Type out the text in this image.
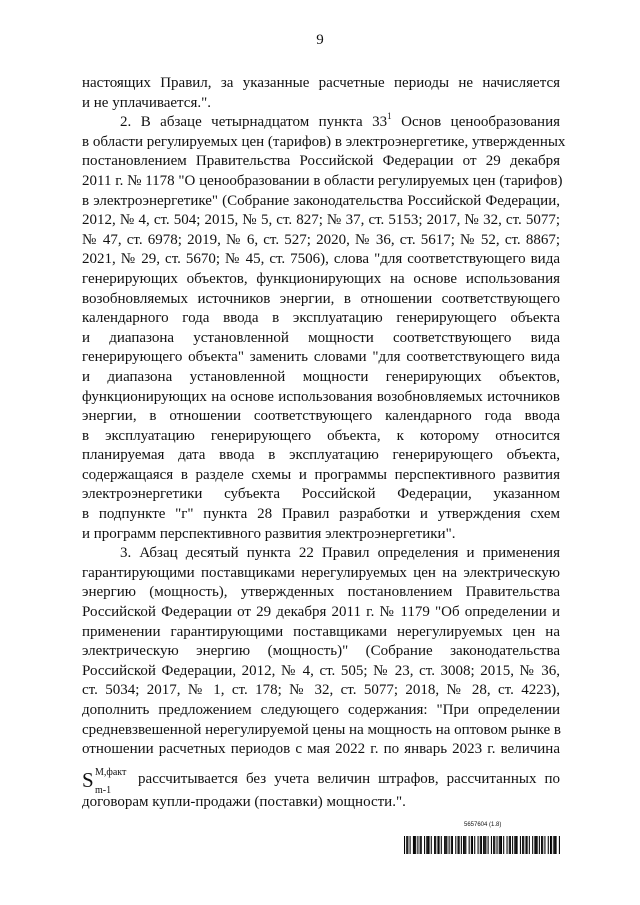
9
настоящих Правил, за указанные расчетные периоды не начисляется
и не уплачивается.".
2. В абзаце четырнадцатом пункта $33^1$ Основ ценообразования
в области регулируемых цен (тарифов) в электроэнергетике, утвержденных
постановлением Правительства Российской Федерации от 29 декабря
2011 г. № 1178 "О ценообразовании в области регулируемых цен (тарифов)
в электроэнергетике" (Собрание законодательства Российской Федерации,
2012, № 4, ст. 504; 2015, № 5, ст. 827; № 37, ст. 5153; 2017, № 32, ст. 5077;
№ 47, ст. 6978; 2019, № 6, ст. 527; 2020, № 36, ст. 5617; № 52, ст. 8867;
2021, № 29, ст. 5670; № 45, ст. 7506), слова "для соответствующего вида
генерирующих объектов, функционирующих на основе использования
возобновляемых источников энергии, в отношении соответствующего
календарного года ввода в эксплуатацию генерирующего объекта
и диапазона установленной мощности соответствующего вида
генерирующего объекта" заменить словами "для соответствующего вида
и диапазона установленной мощности генерирующих объектов,
функционирующих на основе использования возобновляемых источников
энергии, в отношении соответствующего календарного года ввода
в эксплуатацию генерирующего объекта, к которому относится
планируемая дата ввода в эксплуатацию генерирующего объекта,
содержащаяся в разделе схемы и программы перспективного развития
электроэнергетики субъекта Российской Федерации, указанном
в подпункте "г" пункта 28 Правил разработки и утверждения схем
и программ перспективного развития электроэнергетики".
3. Абзац десятый пункта 22 Правил определения и применения
гарантирующими поставщиками нерегулируемых цен на электрическую
энергию (мощность), утвержденных постановлением Правительства
Российской Федерации от 29 декабря 2011 г. № 1179 "Об определении и
применении гарантирующими поставщиками нерегулируемых цен на
электрическую энергию (мощность)" (Собрание законодательства
Российской Федерации, 2012, № 4, ст. 505; № 23, ст. 3008; 2015, № 36,
ст. 5034; 2017, № 1, ст. 178; № 32, ст. 5077; 2018, № 28, ст. 4223),
дополнить предложением следующего содержания: "При определении
средневзвешенной нерегулируемой цены на мощность на оптовом рынке в
отношении расчетных периодов с мая 2022 г. по январь 2023 г. величина
S М,факт
m-1
рассчитывается без учета величин штрафов, рассчитанных по
договорам купли-продажи (поставки) мощности.".
5657604 (1.8)
